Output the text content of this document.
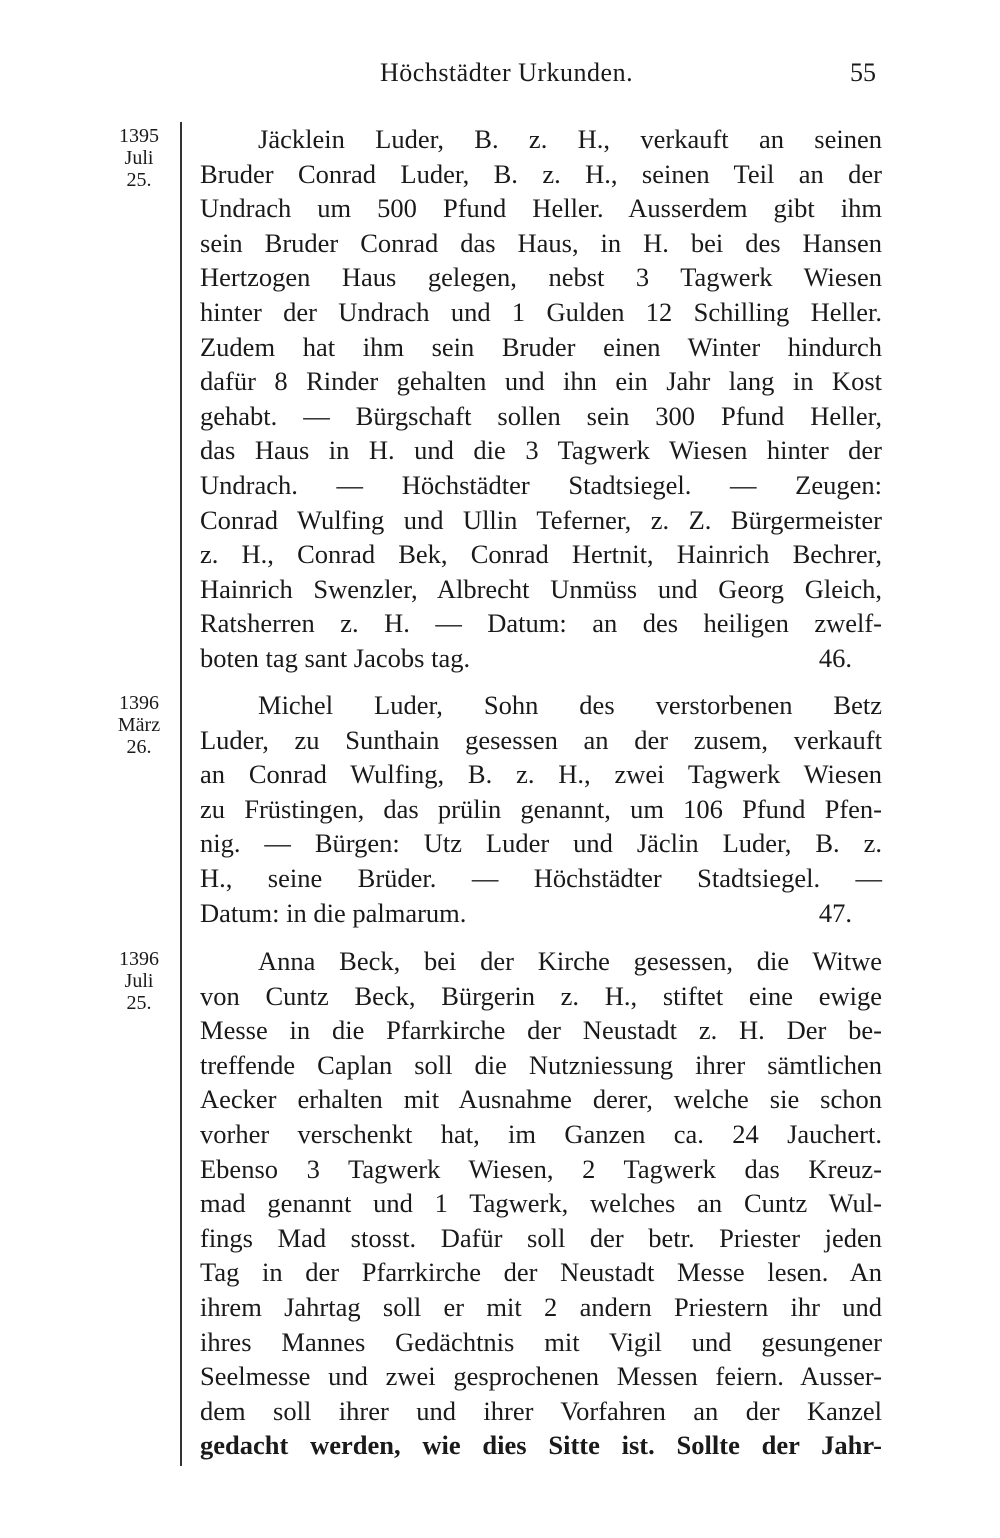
Höchstädter Urkunden.	55
1395
Juli
25.
Jäcklein Luder, B. z. H., verkauft an seinen
Bruder Conrad Luder, B. z. H., seinen Teil an der
Undrach um 500 Pfund Heller. Ausserdem gibt ihm
sein Bruder Conrad das Haus, in H. bei des Hansen
Hertzogen Haus gelegen, nebst 3 Tagwerk Wiesen
hinter der Undrach und 1 Gulden 12 Schilling Heller.
Zudem hat ihm sein Bruder einen Winter hindurch
dafür 8 Rinder gehalten und ihn ein Jahr lang in Kost
gehabt. — Bürgschaft sollen sein 300 Pfund Heller,
das Haus in H. und die 3 Tagwerk Wiesen hinter der
Undrach. — Höchstädter Stadtsiegel. — Zeugen:
Conrad Wulfing und Ullin Teferner, z. Z. Bürgermeister
z. H., Conrad Bek, Conrad Hertnit, Hainrich Bechrer,
Hainrich Swenzler, Albrecht Unmüss und Georg Gleich,
Ratsherren z. H. — Datum: an des heiligen zwelf-
boten tag sant Jacobs tag.	46.
1396
März
26.
Michel Luder, Sohn des verstorbenen Betz
Luder, zu Sunthain gesessen an der zusem, verkauft
an Conrad Wulfing, B. z. H., zwei Tagwerk Wiesen
zu Früstingen, das prülin genannt, um 106 Pfund Pfen-
nig. — Bürgen: Utz Luder und Jäclin Luder, B. z.
H., seine Brüder. — Höchstädter Stadtsiegel. —
Datum: in die palmarum.	47.
1396
Juli
25.
Anna Beck, bei der Kirche gesessen, die Witwe
von Cuntz Beck, Bürgerin z. H., stiftet eine ewige
Messe in die Pfarrkirche der Neustadt z. H. Der be-
treffende Caplan soll die Nutzniessung ihrer sämtlichen
Aecker erhalten mit Ausnahme derer, welche sie schon
vorher verschenkt hat, im Ganzen ca. 24 Jauchert.
Ebenso 3 Tagwerk Wiesen, 2 Tagwerk das Kreuz-
mad genannt und 1 Tagwerk, welches an Cuntz Wul-
fings Mad stosst. Dafür soll der betr. Priester jeden
Tag in der Pfarrkirche der Neustadt Messe lesen. An
ihrem Jahrtag soll er mit 2 andern Priestern ihr und
ihres Mannes Gedächtnis mit Vigil und gesungener
Seelmesse und zwei gesprochenen Messen feiern. Ausser-
dem soll ihrer und ihrer Vorfahren an der Kanzel
gedacht werden, wie dies Sitte ist. Sollte der Jahr-
